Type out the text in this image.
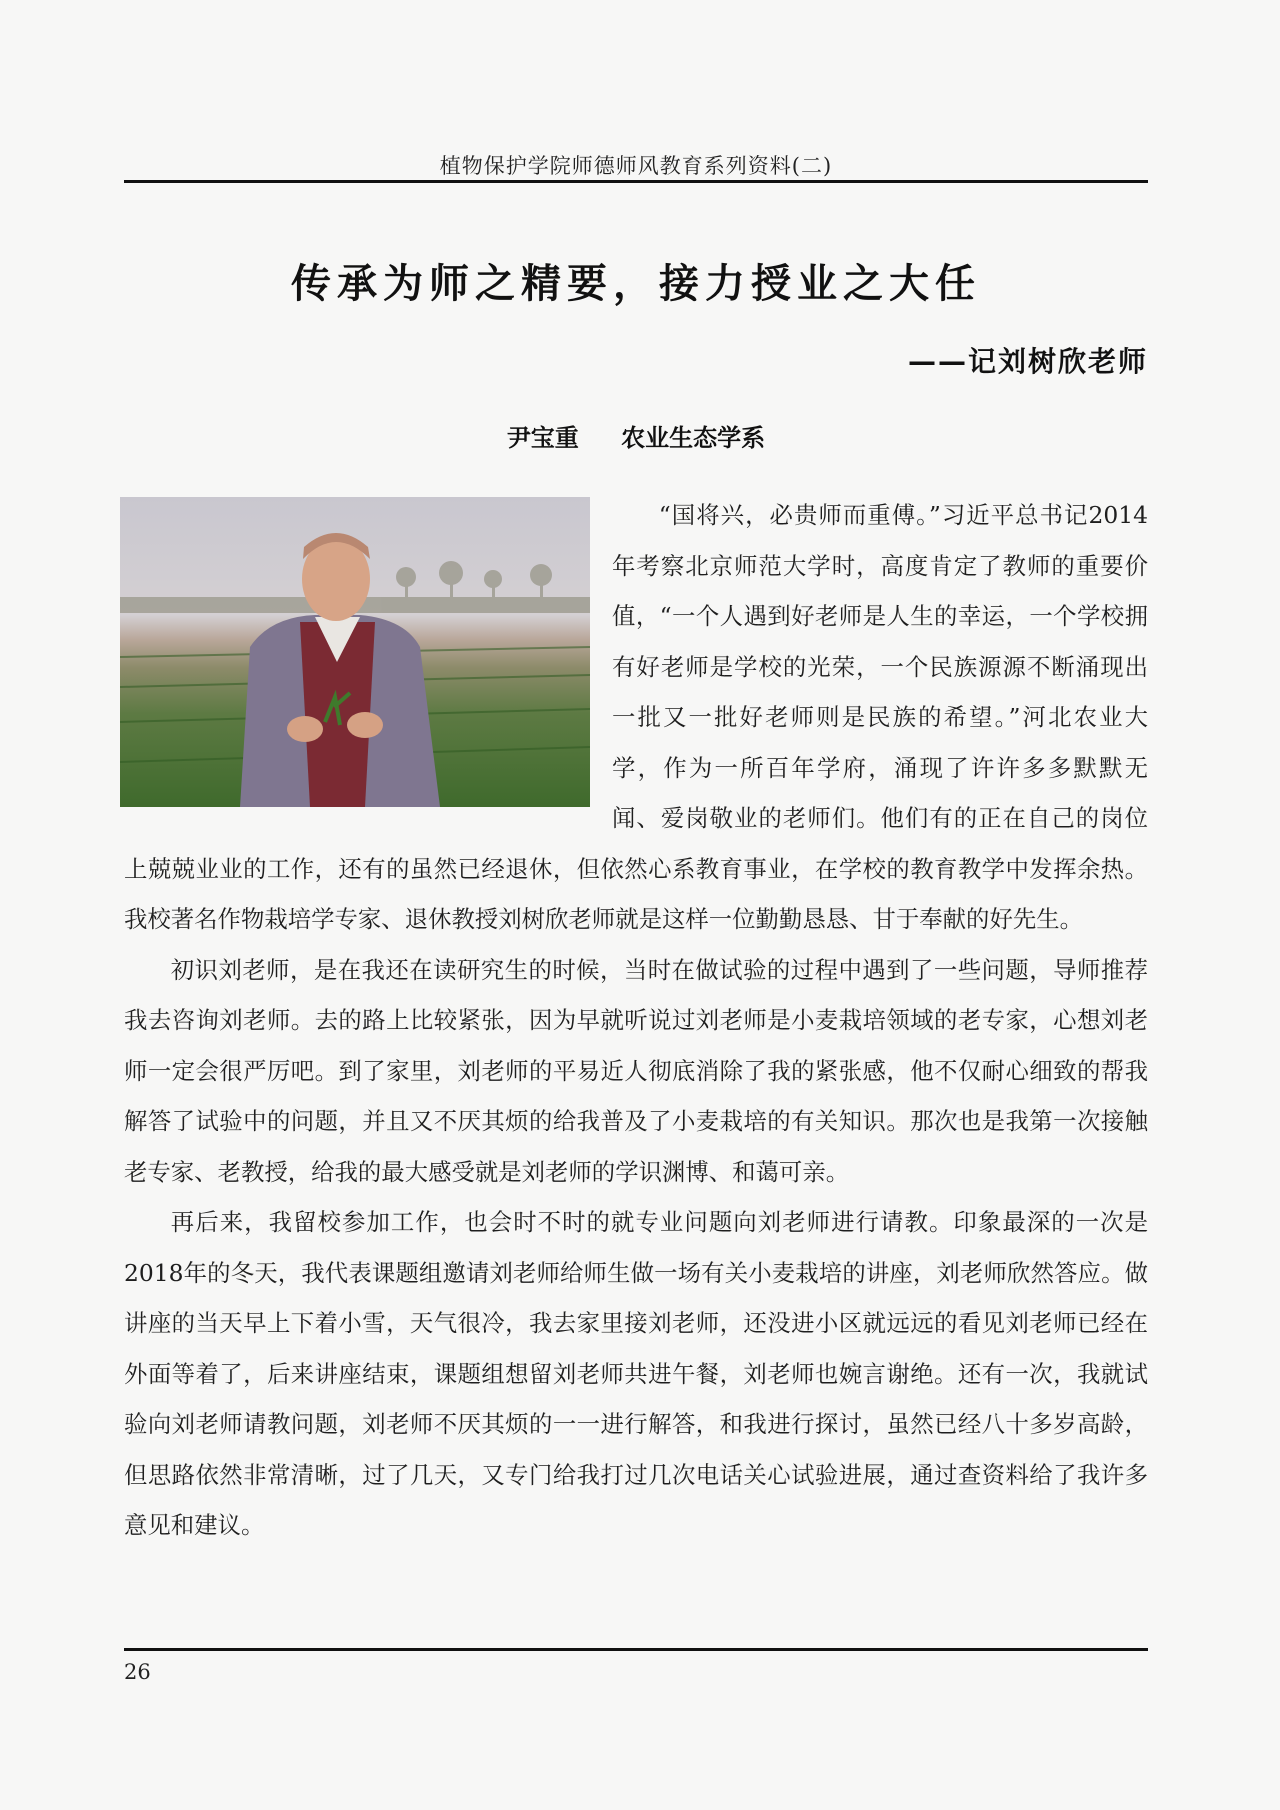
植物保护学院师德师风教育系列资料(二)
传承为师之精要，接力授业之大任
——记刘树欣老师
尹宝重 农业生态学系

“国将兴，必贵师而重傅。”习近平总书记2014年考察北京师范大学时，高度肯定了教师的重要价值，“一个人遇到好老师是人生的幸运，一个学校拥有好老师是学校的光荣，一个民族源源不断涌现出一批又一批好老师则是民族的希望。”河北农业大学，作为一所百年学府，涌现了许许多多默默无闻、爱岗敬业的老师们。他们有的正在自己的岗位上兢兢业业的工作，还有的虽然已经退休，但依然心系教育事业，在学校的教育教学中发挥余热。我校著名作物栽培学专家、退休教授刘树欣老师就是这样一位勤勤恳恳、甘于奉献的好先生。

初识刘老师，是在我还在读研究生的时候，当时在做试验的过程中遇到了一些问题，导师推荐我去咨询刘老师。去的路上比较紧张，因为早就听说过刘老师是小麦栽培领域的老专家，心想刘老师一定会很严厉吧。到了家里，刘老师的平易近人彻底消除了我的紧张感，他不仅耐心细致的帮我解答了试验中的问题，并且又不厌其烦的给我普及了小麦栽培的有关知识。那次也是我第一次接触老专家、老教授，给我的最大感受就是刘老师的学识渊博、和蔼可亲。

再后来，我留校参加工作，也会时不时的就专业问题向刘老师进行请教。印象最深的一次是2018年的冬天，我代表课题组邀请刘老师给师生做一场有关小麦栽培的讲座，刘老师欣然答应。做讲座的当天早上下着小雪，天气很冷，我去家里接刘老师，还没进小区就远远的看见刘老师已经在外面等着了，后来讲座结束，课题组想留刘老师共进午餐，刘老师也婉言谢绝。还有一次，我就试验向刘老师请教问题，刘老师不厌其烦的一一进行解答，和我进行探讨，虽然已经八十多岁高龄，但思路依然非常清晰，过了几天，又专门给我打过几次电话关心试验进展，通过查资料给了我许多意见和建议。

26
